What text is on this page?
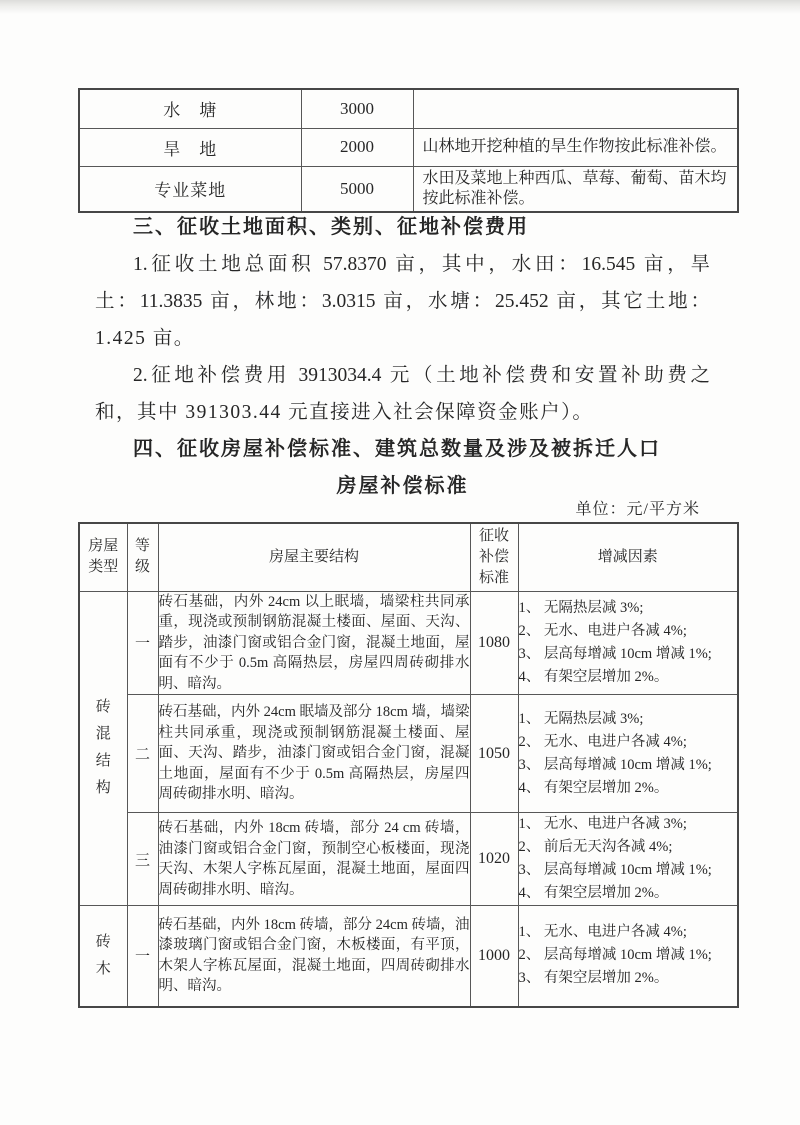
水　塘	3000	
旱　地	2000	山林地开挖种植的旱生作物按此标准补偿。
专业菜地	5000	水田及菜地上种西瓜、草莓、葡萄、苗木均按此标准补偿。
三、征收土地面积、类别、征地补偿费用
1.征收土地总面积 57.8370 亩，其中，水田：16.545 亩，旱
土：11.3835 亩，林地：3.0315 亩，水塘：25.452 亩，其它土地：
1.425 亩。
2.征地补偿费用 3913034.4 元（土地补偿费和安置补助费之
和，其中 391303.44 元直接进入社会保障资金账户）。
四、征收房屋补偿标准、建筑总数量及涉及被拆迁人口
房屋补偿标准
单位：元/平方米
房屋类型	等级	房屋主要结构	征收补偿标准	增减因素
砖混结构	一	砖石基础，内外 24cm 以上眠墙，墙梁柱共同承重，现浇或预制钢筋混凝土楼面、屋面、天沟、踏步，油漆门窗或铝合金门窗，混凝土地面，屋面有不少于 0.5m 高隔热层，房屋四周砖砌排水明、暗沟。	1080	1、 无隔热层减 3%;
2、 无水、电进户各减 4%;
3、 层高每增减 10cm 增减 1%;
4、 有架空层增加 2%。

	二	砖石基础，内外 24cm 眠墙及部分 18cm 墙，墙梁柱共同承重，现浇或预制钢筋混凝土楼面、屋面、天沟、踏步，油漆门窗或铝合金门窗，混凝土地面，屋面有不少于 0.5m 高隔热层，房屋四周砖砌排水明、暗沟。	1050	1、 无隔热层减 3%;
2、 无水、电进户各减 4%;
3、 层高每增减 10cm 增减 1%;
4、 有架空层增加 2%。

	三	砖石基础，内外 18cm 砖墙，部分 24 cm 砖墙，油漆门窗或铝合金门窗，预制空心板楼面，现浇天沟、木架人字栋瓦屋面，混凝土地面，屋面四周砖砌排水明、暗沟。	1020	1、 无水、电进户各减 3%;
2、 前后无天沟各减 4%;
3、 层高每增减 10cm 增减 1%;
4、 有架空层增加 2%。

砖木	一	砖石基础，内外 18cm 砖墙，部分 24cm 砖墙，油漆玻璃门窗或铝合金门窗，木板楼面，有平顶，木架人字栋瓦屋面，混凝土地面，四周砖砌排水明、暗沟。	1000	1、 无水、电进户各减 4%;
2、 层高每增减 10cm 增减 1%;
3、 有架空层增加 2%。
